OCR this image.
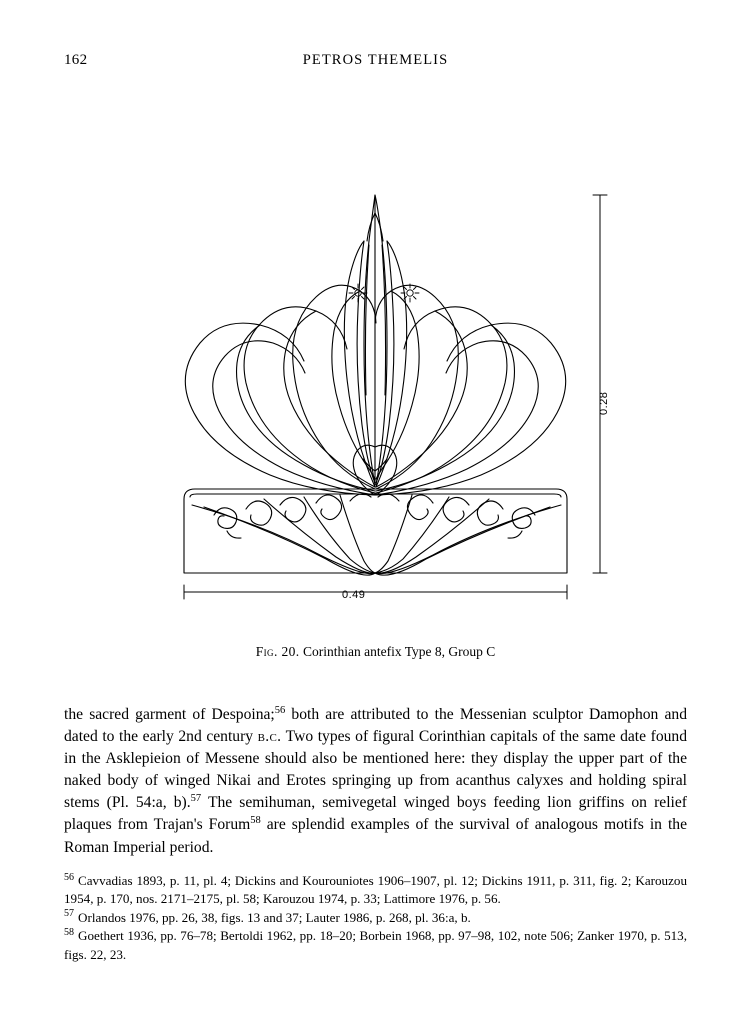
162	PETROS THEMELIS
0.28
0.49
Fig. 20. Corinthian antefix Type 8, Group C

the sacred garment of Despoina;$^{56}$ both are attributed to the Messenian sculptor Damophon and dated to the early 2nd century b.c. Two types of figural Corinthian capitals of the same date found in the Asklepieion of Messene should also be mentioned here: they display the upper part of the naked body of winged Nikai and Erotes springing up from acanthus calyxes and holding spiral stems (Pl. 54:a, b).$^{57}$ The semihuman, semivegetal winged boys feeding lion griffins on relief plaques from Trajan's Forum$^{58}$ are splendid examples of the survival of analogous motifs in the Roman Imperial period.

$^{56}$ Cavvadias 1893, p. 11, pl. 4; Dickins and Kourouniotes 1906–1907, pl. 12; Dickins 1911, p. 311, fig. 2; Karouzou 1954, p. 170, nos. 2171–2175, pl. 58; Karouzou 1974, p. 33; Lattimore 1976, p. 56.

$^{57}$ Orlandos 1976, pp. 26, 38, figs. 13 and 37; Lauter 1986, p. 268, pl. 36:a, b.

$^{58}$ Goethert 1936, pp. 76–78; Bertoldi 1962, pp. 18–20; Borbein 1968, pp. 97–98, 102, note 506; Zanker 1970, p. 513, figs. 22, 23.
